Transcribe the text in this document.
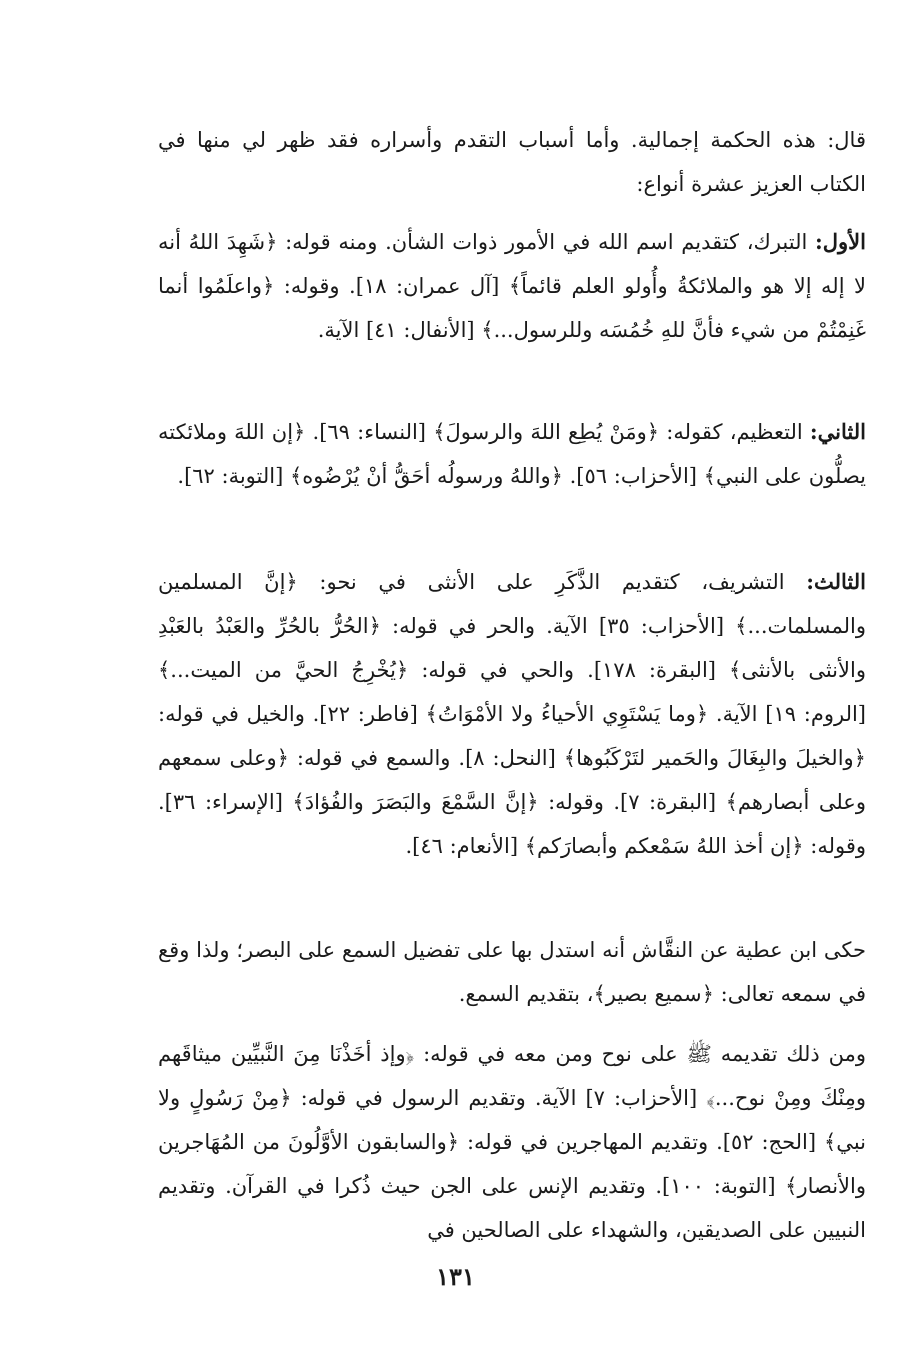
قال: هذه الحكمة إجمالية. وأما أسباب التقدم وأسراره فقد ظهر لي منها في الكتاب العزيز عشرة أنواع:

الأول: التبرك، كتقديم اسم الله في الأمور ذوات الشأن. ومنه قوله: ﴿شَهِدَ اللهُ أنه لا إله إلا هو والملائكةُ وأُولو العلم قائماً﴾ [آل عمران: ١٨]. وقوله: ﴿واعلَمُوا أنما غَنِمْتُمْ من شيء فأنَّ للهِ خُمُسَه وللرسول...﴾ [الأنفال: ٤١] الآية.

الثاني: التعظيم، كقوله: ﴿ومَنْ يُطِع اللهَ والرسولَ﴾ [النساء: ٦٩]. ﴿إن اللهَ وملائكته يصلُّون على النبي﴾ [الأحزاب: ٥٦]. ﴿واللهُ ورسولُه أحَقُّ أنْ يُرْضُوه﴾ [التوبة: ٦٢].

الثالث: التشريف، كتقديم الذَّكَرِ على الأنثى في نحو: ﴿إنَّ المسلمين والمسلمات...﴾ [الأحزاب: ٣٥] الآية. والحر في قوله: ﴿الحُرُّ بالحُرِّ والعَبْدُ بالعَبْدِ والأنثى بالأنثى﴾ [البقرة: ١٧٨]. والحي في قوله: ﴿يُخْرِجُ الحيَّ من الميت...﴾ [الروم: ١٩] الآية. ﴿وما يَسْتَوِي الأحياءُ ولا الأمْوَاتُ﴾ [فاطر: ٢٢]. والخيل في قوله: ﴿والخيلَ والبِغَالَ والحَمير لتَرْكَبُوها﴾ [النحل: ٨]. والسمع في قوله: ﴿وعلى سمعهم وعلى أبصارهم﴾ [البقرة: ٧]. وقوله: ﴿إنَّ السَّمْعَ والبَصَرَ والفُؤادَ﴾ [الإسراء: ٣٦]. وقوله: ﴿إن أخذ اللهُ سَمْعكم وأبصارَكم﴾ [الأنعام: ٤٦].

حكى ابن عطية عن النقَّاش أنه استدل بها على تفضيل السمع على البصر؛ ولذا وقع في سمعه تعالى: ﴿سميع بصير﴾، بتقديم السمع.

ومن ذلك تقديمه ﷺ على نوح ومن معه في قوله: ﴿وإذ أخَذْنَا مِنَ النَّبيِّين ميثاقَهم ومِنْكَ ومِنْ نوح...﴾ [الأحزاب: ٧] الآية. وتقديم الرسول في قوله: ﴿مِنْ رَسُولٍ ولا نبي﴾ [الحج: ٥٢]. وتقديم المهاجرين في قوله: ﴿والسابقون الأوَّلُونَ من المُهَاجرين والأنصار﴾ [التوبة: ١٠٠]. وتقديم الإنس على الجن حيث ذُكرا في القرآن. وتقديم النبيين على الصديقين، والشهداء على الصالحين في

١٣١
